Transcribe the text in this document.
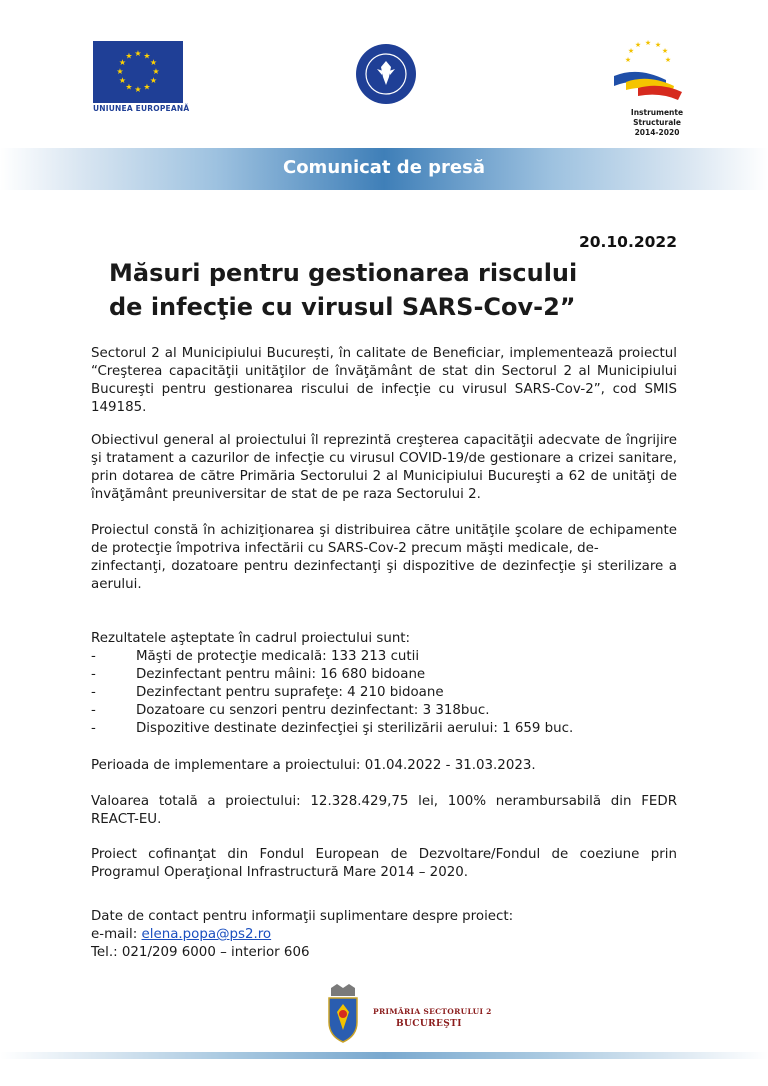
★ ★
★
★
★
★
★
★
★
★
★
★
UNIUNEA EUROPEANĂ
★ ★
★
★
★
★
★
Instrumente Structurale
2014-2020
Comunicat de presă
20.10.2022
Măsuri pentru gestionarea riscului
de infecţie cu virusul SARS-Cov-2”
Sectorul 2 al Municipiului București, în calitate de Beneficiar, implementează proiectul “Creşterea capacităţii unităţilor de învăţământ de stat din Sectorul 2 al Municipiului Bucureşti pentru gestionarea riscului de infecţie cu virusul SARS-Cov-2”, cod SMIS 149185.
Obiectivul general al proiectului îl reprezintă creşterea capacităţii adecvate de îngrijire şi tratament a cazurilor de infecţie cu virusul COVID-19/de gestionare a crizei sanitare, prin dotarea de către Primăria Sectorului 2 al Municipiului Bucureşti a 62 de unităţi de învăţământ preuniversitar de stat de pe raza Sectorului 2.
Proiectul constă în achiziţionarea şi distribuirea către unităţile şcolare de echipamente de protecţie împotriva infectării cu SARS-Cov-2 precum măşti medicale, de-
zinfectanţi, dozatoare pentru dezinfectanţi şi dispozitive de dezinfecţie şi sterilizare a aerului.
Rezultatele aşteptate în cadrul proiectului sunt:
-	Măşti de protecţie medicală: 133 213 cutii
-	Dezinfectant pentru mâini: 16 680 bidoane
-	Dezinfectant pentru suprafeţe: 4 210 bidoane
-	Dozatoare cu senzori pentru dezinfectant: 3 318buc.
-	Dispozitive destinate dezinfecţiei şi sterilizării aerului: 1 659 buc.
Perioada de implementare a proiectului: 01.04.2022 - 31.03.2023.
Valoarea totală a proiectului: 12.328.429,75 lei, 100% nerambursabilă din FEDR REACT-EU.
Proiect cofinanţat din Fondul European de Dezvoltare/Fondul de coeziune prin Programul Operaţional Infrastructură Mare 2014 – 2020.
Date de contact pentru informaţii suplimentare despre proiect:
e-mail: elena.popa@ps2.ro
Tel.: 021/209 6000 – interior 606
PRIMĂRIA SECTORULUI 2
BUCUREŞTI
